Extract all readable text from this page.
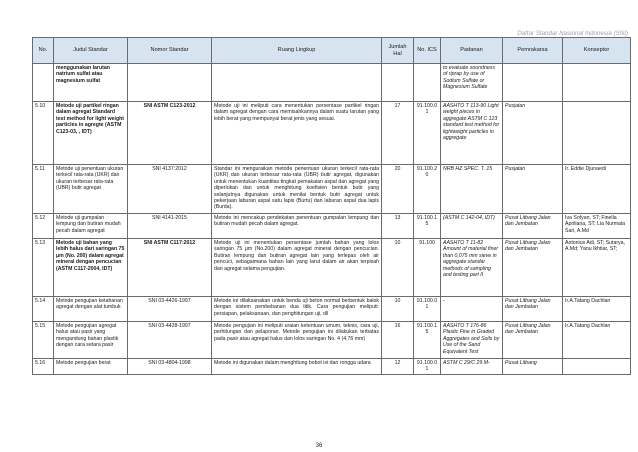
Daftar Standar Nasional Indonesia (SNI)
No.	Judul Standar	Nomor Standar	Ruang Lingkup	Jumlah Hal	No. ICS	Padanan	Pemrakarsa	Konseptor
	menggunakan larutan natrium sulfat atau magnesium sulfat					to evaluate soundness of riprap by use of Sodium Sulfate or Magnesium Sulfate		
5.10	Metode uji partikel ringan dalam agregat Standard test method for light weight particles in agregte (ASTM C123-03, , IDT)	SNI ASTM C123-2012	Metode uji ini meliputi cara menentukan persentase partikel ringan dalam agregat dengan cara memisahkannya dalam suatu larutan yang lebih berat yang mempunyai berat jenis yang sesuai.	17	91.100.01	AASHTO T 113-90 Light weight pieces in aggregate ASTM C 123 standard test method for lightweight particles in aggregate	Pusjatan	
5.11	Metode uji penentuan ukuran terkecil rata-rata (UKR) dan ukuran terbesar rata-rata (UBR) butir agregat	SNI 4137:2012	Standar ini menguraikan metode penentuan ukuran terkecil rata-rata (UKR) dan ukuran terbesar rata-rata (UBR) butir agregat, digunakan untuk menentukan kuantitas tingkat pemakaian aspal dan agregat yang diperlukan dan untuk menghitung koefisien bentuk butir yang selanjutnya digunakan untuk menilai bentuk butir agregat untuk pekerjaan laburan aspal satu lapis (Burtu) dan laburan aspal dua lapis (Burda).	20	91.100.20	NRB HZ SPEC. T. 15	Pusjatan	Ir. Eddie Djunaedi
5.12	Metode uji gumpalan lempung dan butiran mudah pecah dalam agregat	SNI 4141-2015	Metode ini mencakup pendekatan penentuan gumpalan lempung dan butiran mudah pecah dalam agregat.	13	91.100.15	(ASTM C 142-04, IDT)	Pusat Litbang Jalan dan Jembatan	Iva Sofyan, ST; Finella Apriliana, ST; Lia Nurmala Sari, A.Md
5.13	Metode uji bahan yang lebih halus dari saringan 75 μm (No. 200) dalam agregat mineral dengan pencucian (ASTM C117-2004, IDT)	SNI ASTM C117:2012	Metode uji ini menentukan persentase jumlah bahan yang lolos saringan 75 μm (No.200) dalam agregat mineral dengan pencucian. Butiran lempung dan butiran agregat lain yang terlepas oleh air pencuci, sebagaimana bahan lain yang larut dalam air akan terpisah dari agregat selama pengujian.	10	91.100	AASHTO T 11-82 Amount of material finer than 0,075 mm sieve in aggregate standar methods of sampling and testing part II	Pusat Litbang Jalan dan Jembatan	Antonius Adi, ST; Sutarya, A.Md; Yanu Ikhtiar, ST;
5.14	Metode pengujian ketahanan agregat dengan alat tumbuk	SNI 03-4426-1997	Metode ini dilaksanakan untuk benda uji beton normal berbentuk balok dengan sistem pembebanan dua titik. Cara pengujian meliputi: persiapan, pelaksanaan, dan penghitungan uji, dll	10	91.100.01	-	Pusat Litbang Jalan dan Jembatan	Ir.A.Tatang Dachlan
5.15	Metode pengujian agregat halus atau pasir yang mengandung bahan plastik dengan cara setara pasir	SNI 03-4428-1997	Metode pengujian ini meliputi uraian ketentuan umum, teknis, cara uji, perhitungan dan pelaporan. Metode pengujian ini dilakukan terbatas pada pasir atau agregat halus dan lolos saringan No. 4 (4,76 mm)	16	91.100.15	AASHTO T 176-86 Plastic Fine in Graded Aggregates and Soils by Use of the Sand Equivalent Test	Pusat Litbang Jalan dan Jembatan	Ir.A.Tatang Dachlan
5.16	Metode pengujian berat	SNI 03-4804-1998	Metode ini digunakan dalam menghitung bobot isi dan rongga udara	12	91.100.01	ASTM C 29/C 29 M-	Pusat Litbang	
36
